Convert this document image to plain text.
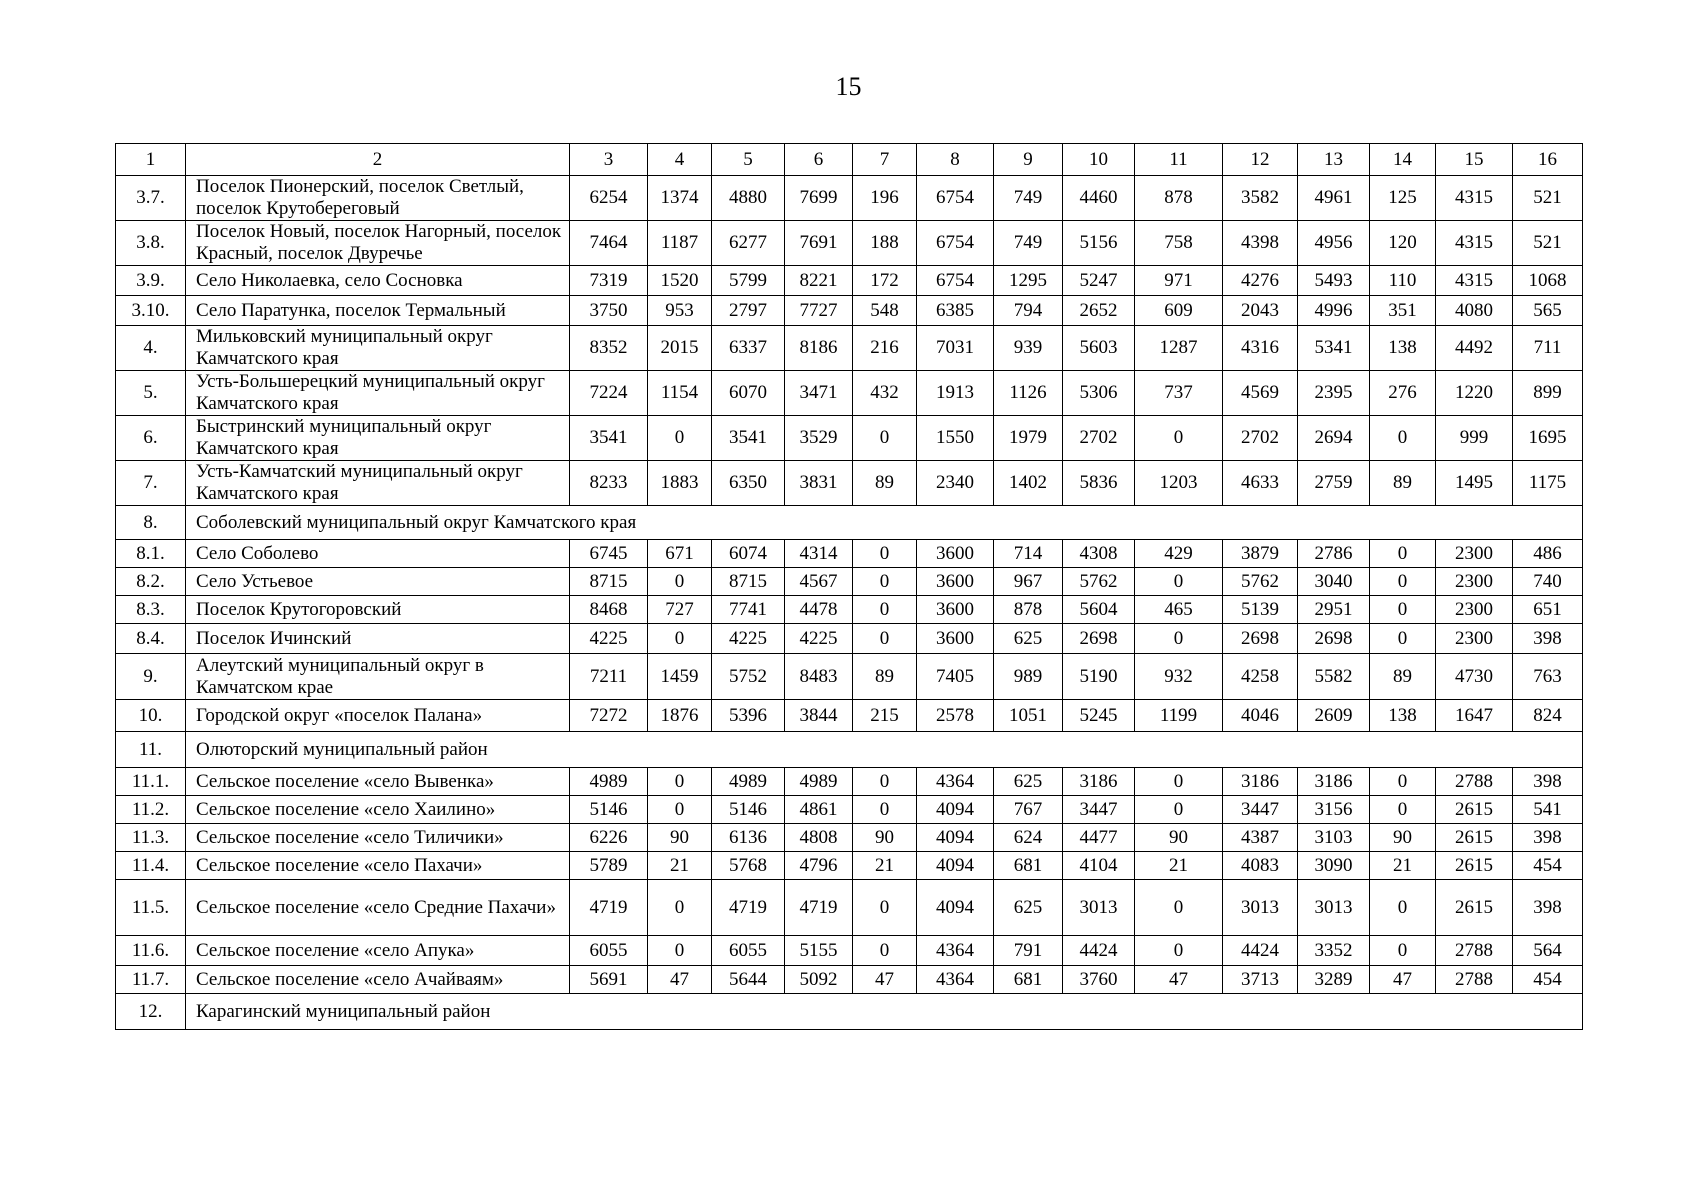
15
1	2	3	4	5	6	7	8	9	10	11	12	13	14	15	16
3.7.	Поселок Пионерский, поселок Светлый, поселок Крутобереговый	6254	1374	4880	7699	196	6754	749	4460	878	3582	4961	125	4315	521
3.8.	Поселок Новый, поселок Нагорный, поселок Красный, поселок Двуречье	7464	1187	6277	7691	188	6754	749	5156	758	4398	4956	120	4315	521
3.9.	Село Николаевка, село Сосновка	7319	1520	5799	8221	172	6754	1295	5247	971	4276	5493	110	4315	1068
3.10.	Село Паратунка, поселок Термальный	3750	953	2797	7727	548	6385	794	2652	609	2043	4996	351	4080	565
4.	Мильковский муниципальный округ Камчатского края	8352	2015	6337	8186	216	7031	939	5603	1287	4316	5341	138	4492	711
5.	Усть-Большерецкий муниципальный округ Камчатского края	7224	1154	6070	3471	432	1913	1126	5306	737	4569	2395	276	1220	899
6.	Быстринский муниципальный округ Камчатского края	3541	0	3541	3529	0	1550	1979	2702	0	2702	2694	0	999	1695
7.	Усть-Камчатский муниципальный округ Камчатского края	8233	1883	6350	3831	89	2340	1402	5836	1203	4633	2759	89	1495	1175
8.	Соболевский муниципальный округ Камчатского края														
8.1.	Село Соболево	6745	671	6074	4314	0	3600	714	4308	429	3879	2786	0	2300	486
8.2.	Село Устьевое	8715	0	8715	4567	0	3600	967	5762	0	5762	3040	0	2300	740
8.3.	Поселок Крутогоровский	8468	727	7741	4478	0	3600	878	5604	465	5139	2951	0	2300	651
8.4.	Поселок Ичинский	4225	0	4225	4225	0	3600	625	2698	0	2698	2698	0	2300	398
9.	Алеутский муниципальный округ в Камчатском крае	7211	1459	5752	8483	89	7405	989	5190	932	4258	5582	89	4730	763
10.	Городской округ «поселок Палана»	7272	1876	5396	3844	215	2578	1051	5245	1199	4046	2609	138	1647	824
11.	Олюторский муниципальный район														
11.1.	Сельское поселение «село Вывенка»	4989	0	4989	4989	0	4364	625	3186	0	3186	3186	0	2788	398
11.2.	Сельское поселение «село Хаилино»	5146	0	5146	4861	0	4094	767	3447	0	3447	3156	0	2615	541
11.3.	Сельское поселение «село Тиличики»	6226	90	6136	4808	90	4094	624	4477	90	4387	3103	90	2615	398
11.4.	Сельское поселение «село Пахачи»	5789	21	5768	4796	21	4094	681	4104	21	4083	3090	21	2615	454
11.5.	Сельское поселение «село Средние Пахачи»	4719	0	4719	4719	0	4094	625	3013	0	3013	3013	0	2615	398
11.6.	Сельское поселение «село Апука»	6055	0	6055	5155	0	4364	791	4424	0	4424	3352	0	2788	564
11.7.	Сельское поселение «село Ачайваям»	5691	47	5644	5092	47	4364	681	3760	47	3713	3289	47	2788	454
12.	Карагинский муниципальный район														
